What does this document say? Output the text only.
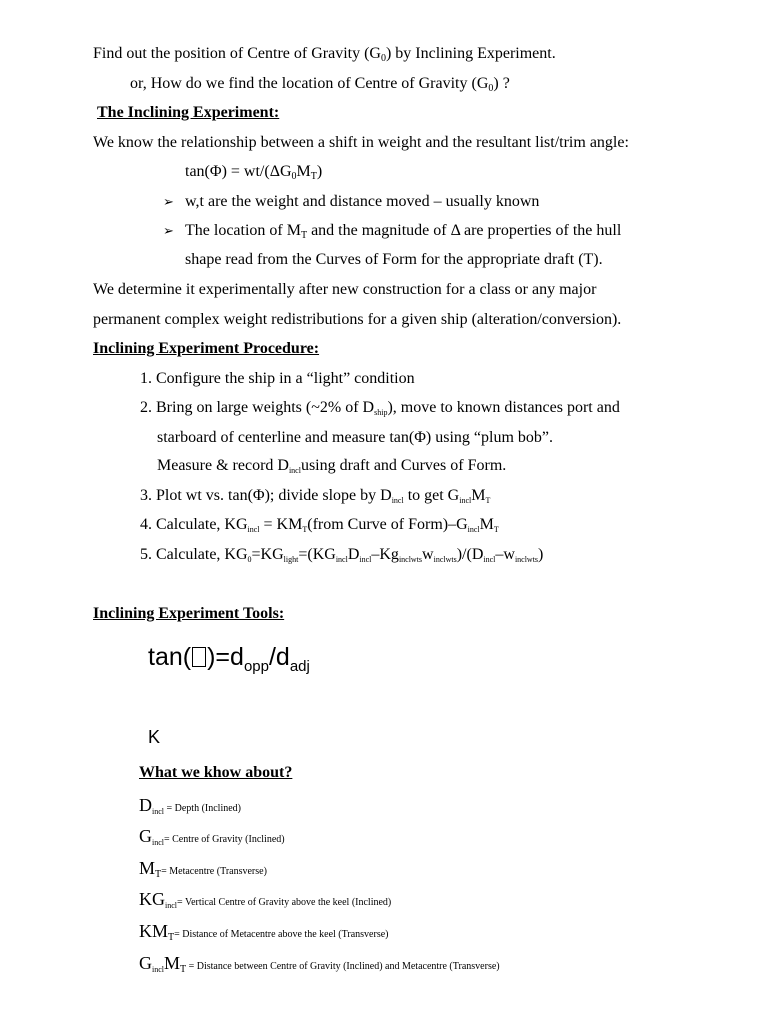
Find out the position of Centre of Gravity $(G_0)$ by Inclining Experiment.
or, How do we find the location of Centre of Gravity $(G_0)$ ?
The Inclining Experiment:
We know the relationship between a shift in weight and the resultant list/trim angle:
$\tan(\Phi) = wt/(\Delta G_0M_T)$
➢ w,t are the weight and distance moved – usually known
➢ The location of $M_T$ and the magnitude of Δ are properties of the hull
shape read from the Curves of Form for the appropriate draft (T).
We determine it experimentally after new construction for a class or any major
permanent complex weight redistributions for a given ship (alteration/conversion).
Inclining Experiment Procedure:
1. Configure the ship in a “light” condition
2. Bring on large weights (~2% of $D_{ship}$), move to known distances port and
starboard of centerline and measure tan(Φ) using “plum bob”.
Measure & record $D_{incl}using$ draft and Curves of Form.
3. Plot wt vs. tan(Φ); divide slope by $D_{incl}$ to get $G_{incl}M_T$
4. Calculate, $KG_{incl}$ = $KM_T(from$ Curve of $Form)-G_{incl}M_T$
5. Calculate, $KG_0=KG_{light}=(KG_{incl}D_{incl}-Kg_{inclwts}w_{inclwts})/(D_{incl}-w_{inclwts})$
Inclining Experiment Tools:
tan( )$=d_{opp}/d_{adj}$
K
What we khow about?
$D_{incl}$ = Depth (Inclined)
$G_{incl}=$ Centre of Gravity (Inclined)
$M_T=$ Metacentre (Transverse)
$KG_{incl}=$ Vertical Centre of Gravity above the keel (Inclined)
$KM_T=$ Distance of Metacentre above the keel (Transverse)
$G_{incl}M_T$ = Distance between Centre of Gravity (Inclined) and Metacentre (Transverse)
